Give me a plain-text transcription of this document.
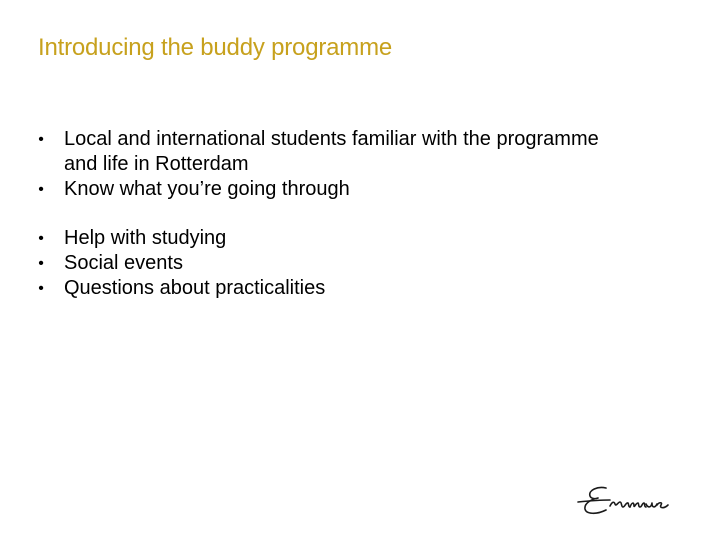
Introducing the buddy programme
• Local and international students familiar with the programme and life in Rotterdam
• Know what you’re going through
• Help with studying
• Social events
• Questions about practicalities
